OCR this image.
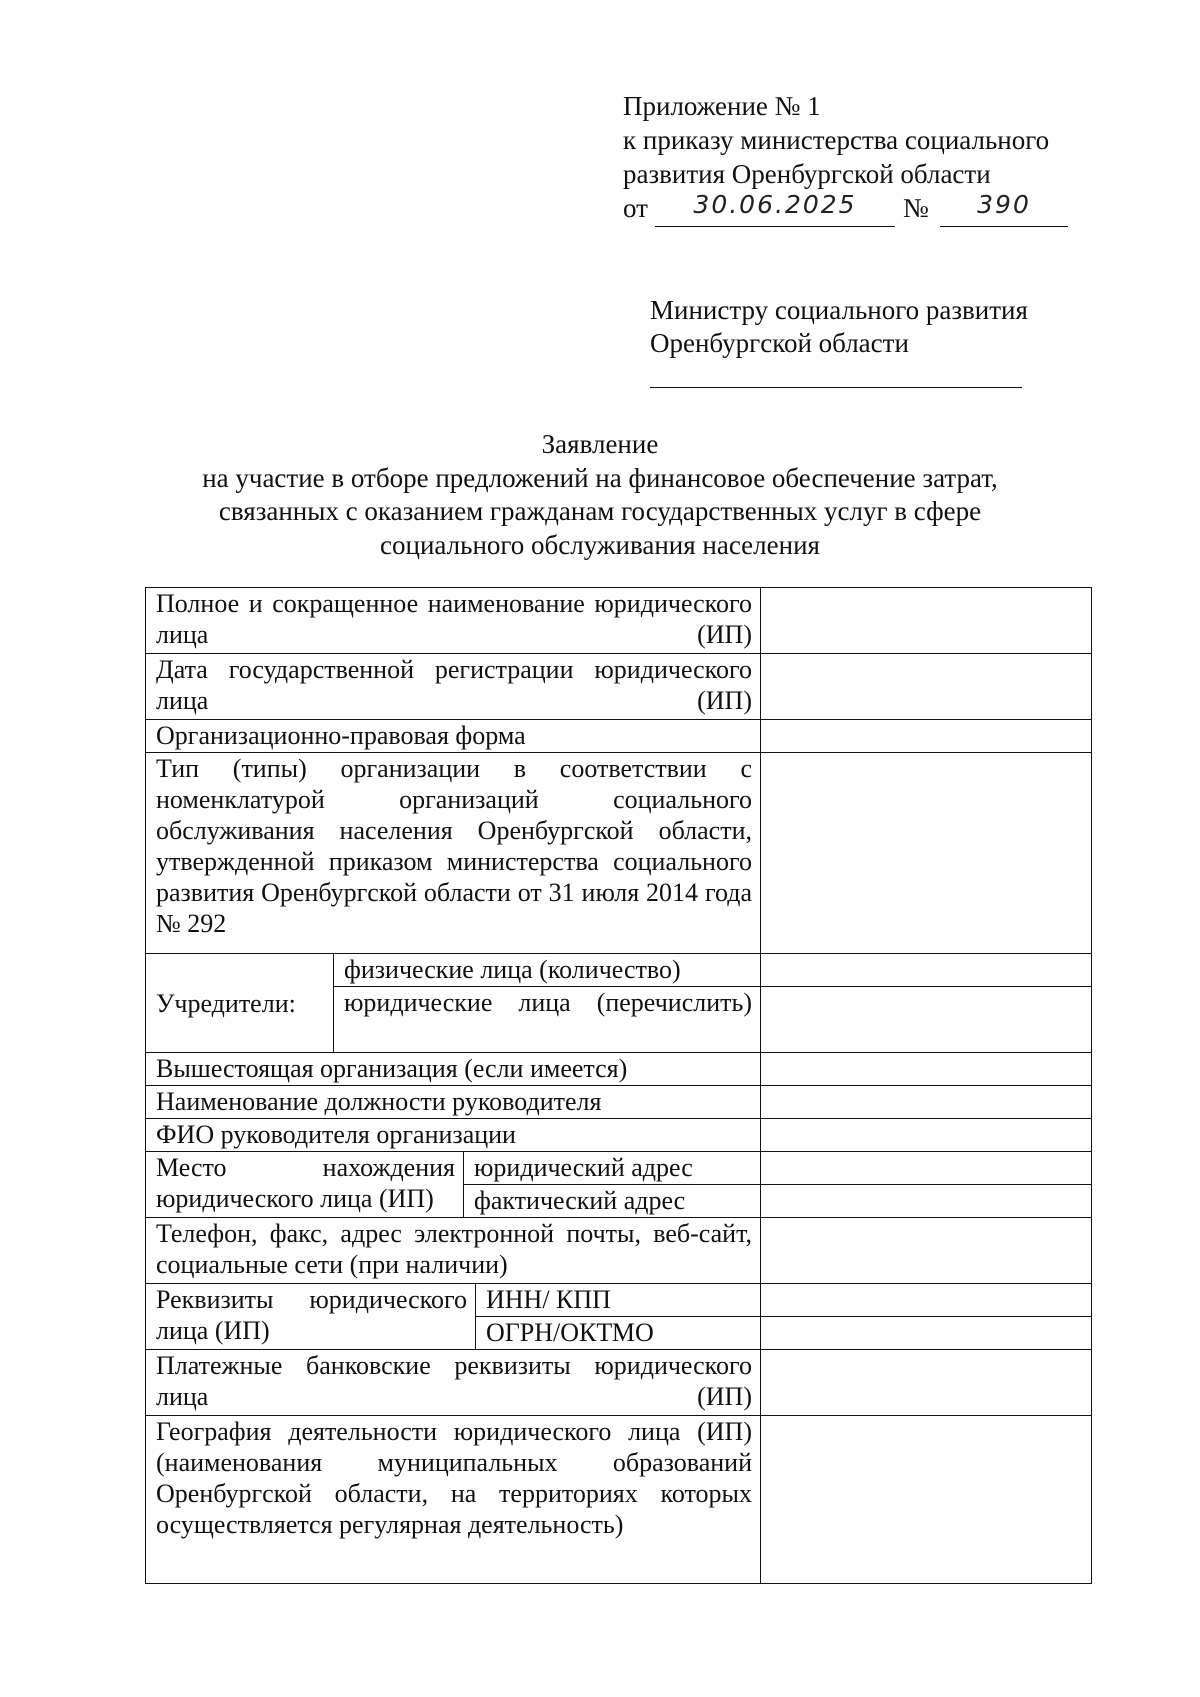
Приложение № 1
к приказу министерства социального
развития Оренбургской области
от	30.06.2025	№	390
Министру социального развития
Оренбургской области
Заявление
на участие в отборе предложений на финансовое обеспечение затрат,
связанных с оказанием гражданам государственных услуг в сфере
социального обслуживания населения
Полное и сокращенное наименование юридического лица (ИП)				
Дата государственной регистрации юридического лица (ИП)				
Организационно-правовая форма				
Тип (типы) организации в соответствии с номенклатурой организаций социального обслуживания населения Оренбургской области, утвержденной приказом министерства социального развития Оренбургской области от 31 июля 2014 года № 292				
Учредители:	физические лица (количество)			
	юридические лица (перечислить)			
Вышестоящая организация (если имеется)				
Наименование должности руководителя				
ФИО руководителя организации				
Место нахождения юридического лица (ИП)		юридический адрес		
		фактический адрес		
Телефон, факс, адрес электронной почты, веб-сайт, социальные сети (при наличии)				
Реквизиты юридического лица (ИП)			ИНН/ КПП	
			ОГРН/ОКТМО	
Платежные банковские реквизиты юридического лица (ИП)				
География деятельности юридического лица (ИП) (наименования муниципальных образований Оренбургской области, на территориях которых осуществляется регулярная деятельность)				
